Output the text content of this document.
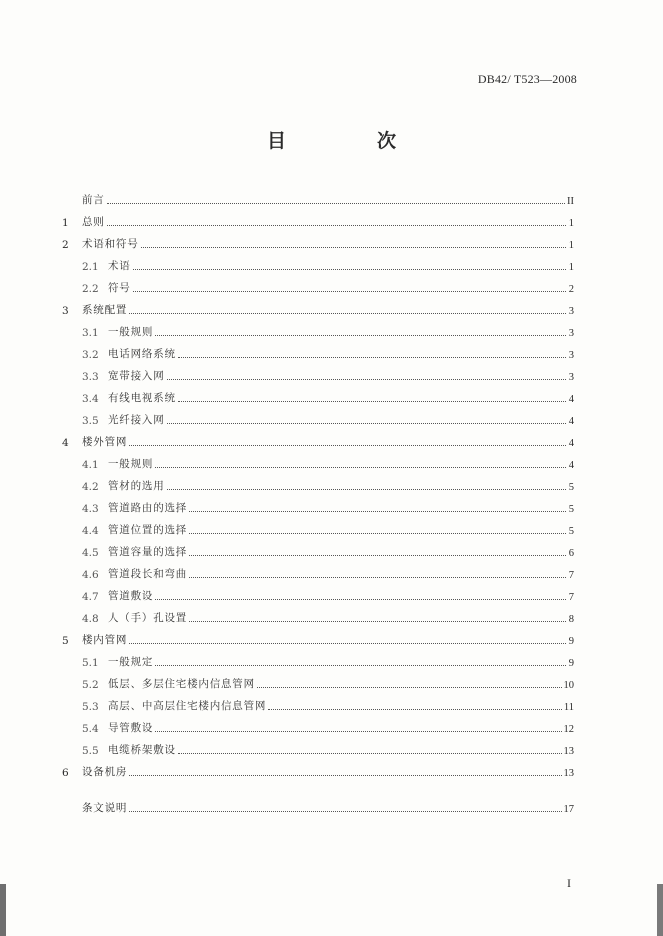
DB42/ T523—2008
目　次
前言	II
1	总则	1
2	术语和符号	1
2.1 术语	1
2.2 符号	2
3	系统配置	3
3.1 一般规则	3
3.2 电话网络系统	3
3.3 宽带接入网	3
3.4 有线电视系统	4
3.5 光纤接入网	4
4	楼外管网	4
4.1 一般规则	4
4.2 管材的选用	5
4.3 管道路由的选择	5
4.4 管道位置的选择	5
4.5 管道容量的选择	6
4.6 管道段长和弯曲	7
4.7 管道敷设	7
4.8 人（手）孔设置	8
5	楼内管网	9
5.1 一般规定	9
5.2 低层、多层住宅楼内信息管网	10
5.3 高层、中高层住宅楼内信息管网	11
5.4 导管敷设	12
5.5 电缆桥架敷设	13
6	设备机房	13
条文说明	17
I
